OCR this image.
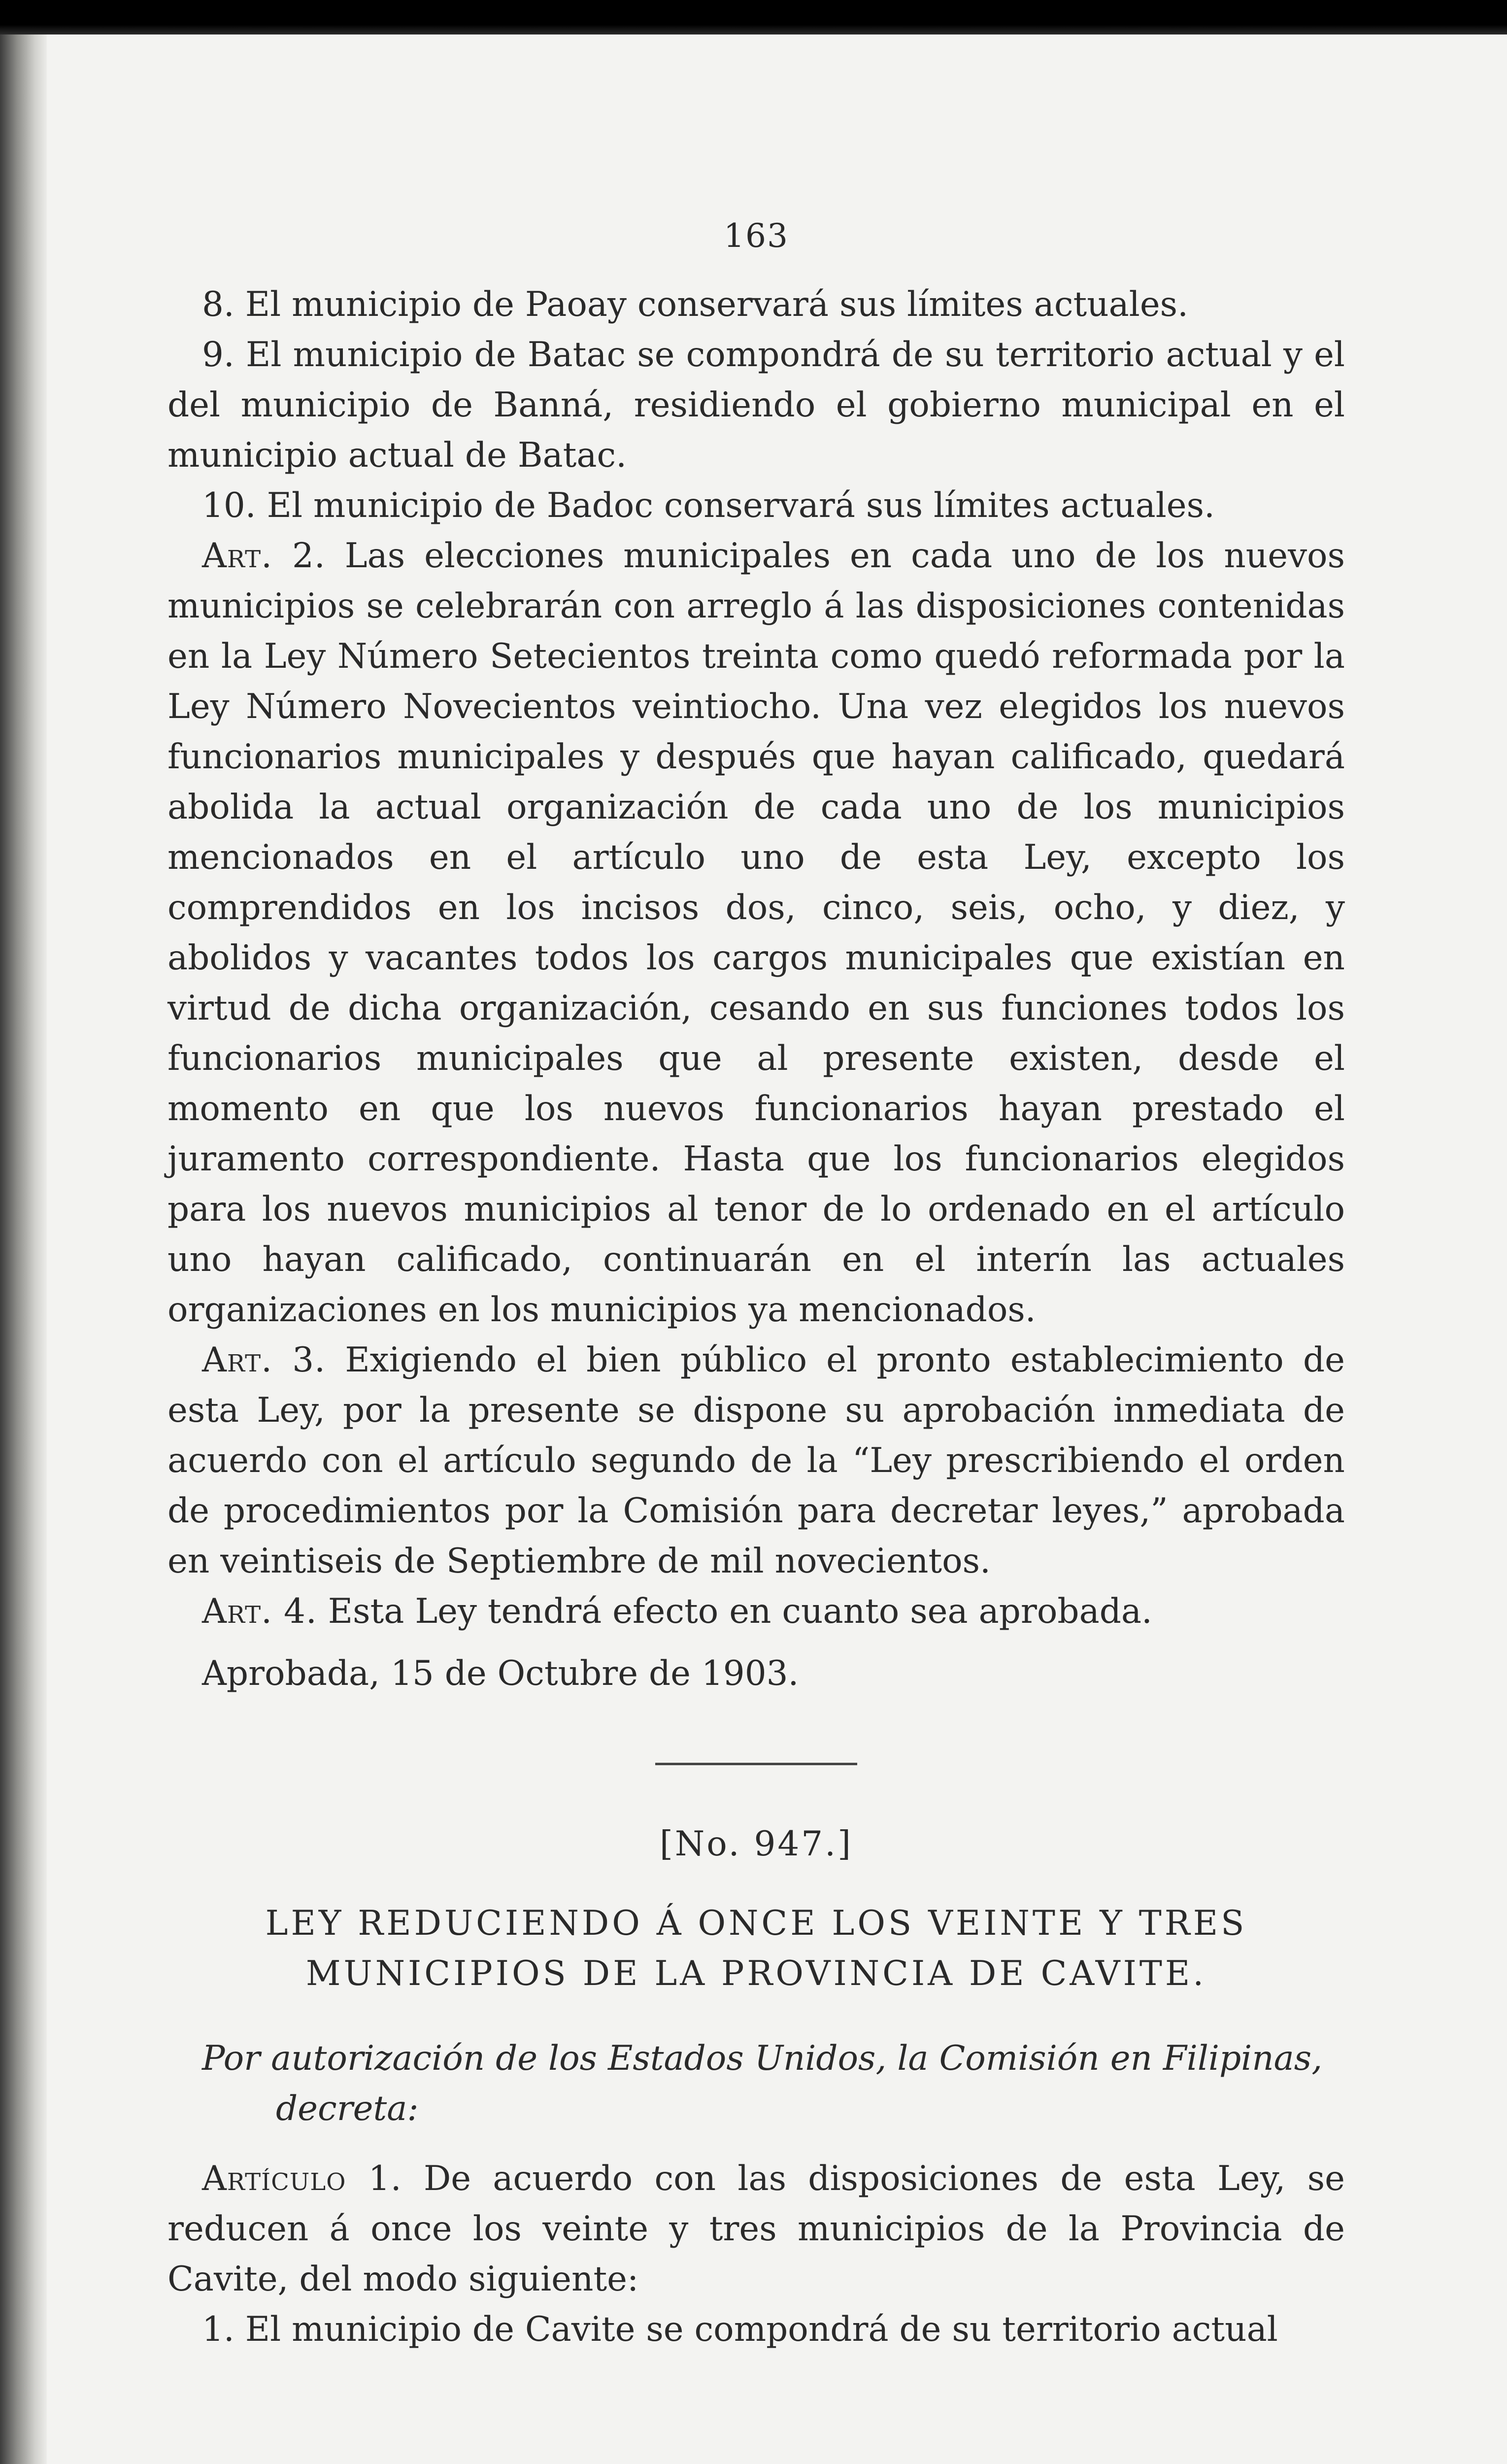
163

8. El municipio de Paoay conservará sus límites actuales.

9. El municipio de Batac se compondrá de su territorio actual y el del municipio de Banná, residiendo el gobierno municipal en el municipio actual de Batac.

10. El municipio de Badoc conservará sus límites actuales.

Art. 2. Las elecciones municipales en cada uno de los nuevos municipios se celebrarán con arreglo á las disposiciones contenidas en la Ley Número Setecientos treinta como quedó reformada por la Ley Número Novecientos veintiocho. Una vez elegidos los nuevos funcionarios municipales y después que hayan calificado, quedará abolida la actual organización de cada uno de los municipios mencionados en el artículo uno de esta Ley, excepto los comprendidos en los incisos dos, cinco, seis, ocho, y diez, y abolidos y vacantes todos los cargos municipales que existían en virtud de dicha organización, cesando en sus funciones todos los funcionarios municipales que al presente existen, desde el momento en que los nuevos funcionarios hayan prestado el juramento correspondiente. Hasta que los funcionarios elegidos para los nuevos municipios al tenor de lo ordenado en el artículo uno hayan calificado, continuarán en el interín las actuales organizaciones en los municipios ya mencionados.

Art. 3. Exigiendo el bien público el pronto establecimiento de esta Ley, por la presente se dispone su aprobación inmediata de acuerdo con el artículo segundo de la “Ley prescribiendo el orden de procedimientos por la Comisión para decretar leyes,” aprobada en veintiseis de Septiembre de mil novecientos.

Art. 4. Esta Ley tendrá efecto en cuanto sea aprobada.

Aprobada, 15 de Octubre de 1903.

[No. 947.]
LEY REDUCIENDO Á ONCE LOS VEINTE Y TRES MUNICIPIOS DE LA PROVINCIA DE CAVITE.
Por autorización de los Estados Unidos, la Comisión en Filipinas,
decreta:

Artículo 1. De acuerdo con las disposiciones de esta Ley, se reducen á once los veinte y tres municipios de la Provincia de Cavite, del modo siguiente:

1. El municipio de Cavite se compondrá de su territorio actual
